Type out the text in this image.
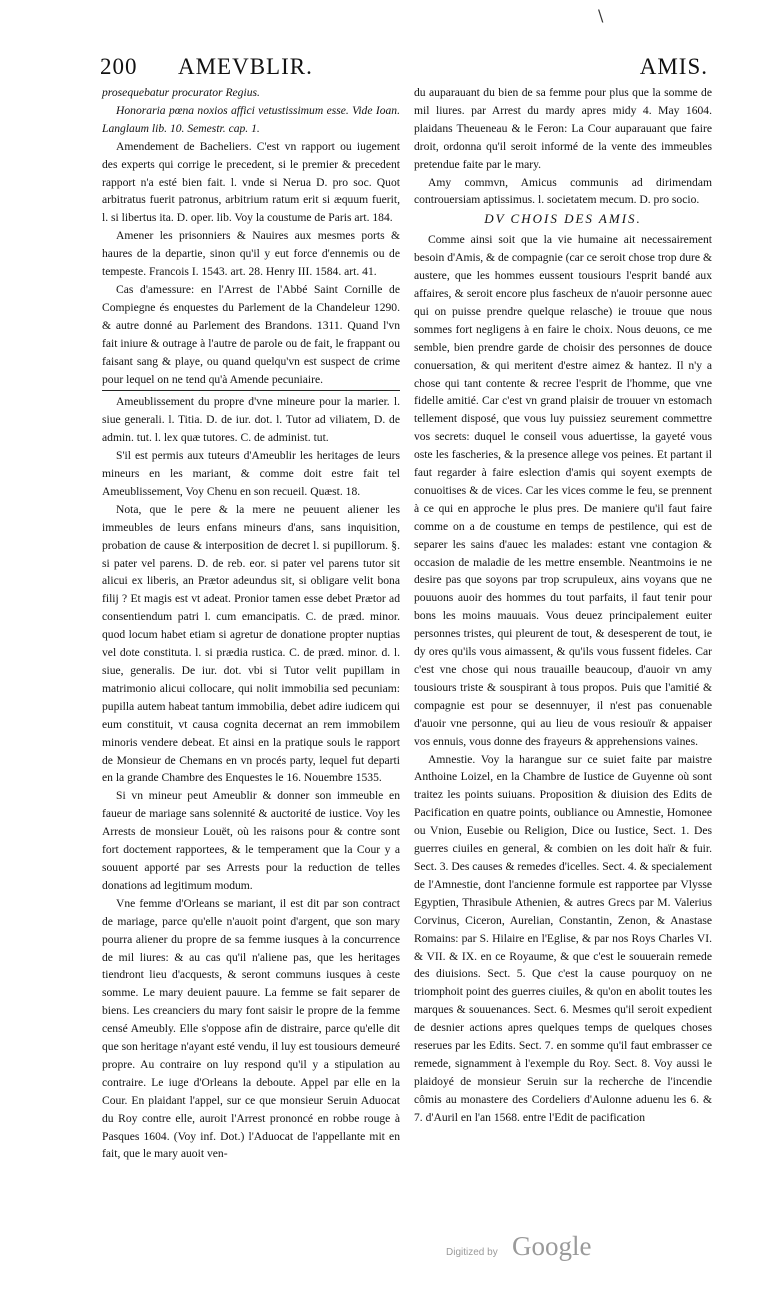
\
200 AMEVBLIR.	AMIS.

prosequebatur procurator Regius.

Honoraria pœna noxios affici vetustissimum esse. Vide Ioan. Langlaum lib. 10. Semestr. cap. 1.

Amendement de Bacheliers. C'est vn rapport ou iugement des experts qui corrige le precedent, si le premier & precedent rapport n'a esté bien fait. l. vnde si Nerua D. pro soc. Quot arbitratus fuerit patronus, arbitrium ratum erit si æquum fuerit, l. si libertus ita. D. oper. lib. Voy la coustume de Paris art. 184.

Amener les prisonniers & Nauires aux mesmes ports & haures de la departie, sinon qu'il y eut force d'ennemis ou de tempeste. Francois I. 1543. art. 28. Henry III. 1584. art. 41.

Cas d'amessure: en l'Arrest de l'Abbé Saint Cornille de Compiegne és enquestes du Parlement de la Chandeleur 1290. & autre donné au Parlement des Brandons. 1311. Quand l'vn fait iniure & outrage à l'autre de parole ou de fait, le frappant ou faisant sang & playe, ou quand quelqu'vn est suspect de crime pour lequel on ne tend qu'à Amende pecuniaire.

Ameublissement du propre d'vne mineure pour la marier. l. siue generali. l. Titia. D. de iur. dot. l. Tutor ad viliatem, D. de admin. tut. l. lex quæ tutores. C. de administ. tut.

S'il est permis aux tuteurs d'Ameublir les heritages de leurs mineurs en les mariant, & comme doit estre fait tel Ameublissement, Voy Chenu en son recueil. Quæst. 18.

Nota, que le pere & la mere ne peuuent aliener les immeubles de leurs enfans mineurs d'ans, sans inquisition, probation de cause & interposition de decret l. si pupillorum. §. si pater vel parens. D. de reb. eor. si pater vel parens tutor sit alicui ex liberis, an Prætor adeundus sit, si obligare velit bona filij ? Et magis est vt adeat. Pronior tamen esse debet Prætor ad consentiendum patri l. cum emancipatis. C. de præd. minor. quod locum habet etiam si agretur de donatione propter nuptias vel dote constituta. l. si prædia rustica. C. de præd. minor. d. l. siue, generalis. De iur. dot. vbi si Tutor velit pupillam in matrimonio alicui collocare, qui nolit immobilia sed pecuniam: pupilla autem habeat tantum immobilia, debet adire iudicem qui eum constituit, vt causa cognita decernat an rem immobilem minoris vendere debeat. Et ainsi en la pratique souls le rapport de Monsieur de Chemans en vn procés party, lequel fut departi en la grande Chambre des Enquestes le 16. Nouembre 1535.

Si vn mineur peut Ameublir & donner son immeuble en faueur de mariage sans solennité & auctorité de iustice. Voy les Arrests de monsieur Louët, où les raisons pour & contre sont fort doctement rapportees, & le temperament que la Cour y a souuent apporté par ses Arrests pour la reduction de telles donations ad legitimum modum.

Vne femme d'Orleans se mariant, il est dit par son contract de mariage, parce qu'elle n'auoit point d'argent, que son mary pourra aliener du propre de sa femme iusques à la concurrence de mil liures: & au cas qu'il n'aliene pas, que les heritages tiendront lieu d'acquests, & seront communs iusques à ceste somme. Le mary deuient pauure. La femme se fait separer de biens. Les creanciers du mary font saisir le propre de la femme censé Ameubly. Elle s'oppose afin de distraire, parce qu'elle dit que son heritage n'ayant esté vendu, il luy est tousiours demeuré propre. Au contraire on luy respond qu'il y a stipulation au contraire. Le iuge d'Orleans la deboute. Appel par elle en la Cour. En plaidant l'appel, sur ce que monsieur Seruin Aduocat du Roy contre elle, auroit l'Arrest prononcé en robbe rouge à Pasques 1604. (Voy inf. Dot.) l'Aduocat de l'appellante mit en fait, que le mary auoit ven-

du auparauant du bien de sa femme pour plus que la somme de mil liures. par Arrest du mardy apres midy 4. May 1604. plaidans Theueneau & le Feron: La Cour auparauant que faire droit, ordonna qu'il seroit informé de la vente des immeubles pretendue faite par le mary.

Amy commvn, Amicus communis ad dirimendam controuersiam aptissimus. l. societatem mecum. D. pro socio.

DV CHOIS DES AMIS.

Comme ainsi soit que la vie humaine ait necessairement besoin d'Amis, & de compagnie (car ce seroit chose trop dure & austere, que les hommes eussent tousiours l'esprit bandé aux affaires, & seroit encore plus fascheux de n'auoir personne auec qui on puisse prendre quelque relasche) ie trouue que nous sommes fort negligens à en faire le choix. Nous deuons, ce me semble, bien prendre garde de choisir des personnes de douce conuersation, & qui meritent d'estre aimez & hantez. Il n'y a chose qui tant contente & recree l'esprit de l'homme, que vne fidelle amitié. Car c'est vn grand plaisir de trouuer vn estomach tellement disposé, que vous luy puissiez seurement commettre vos secrets: duquel le conseil vous aduertisse, la gayeté vous oste les fascheries, & la presence allege vos peines. Et partant il faut regarder à faire eslection d'amis qui soyent exempts de conuoitises & de vices. Car les vices comme le feu, se prennent à ce qui en approche le plus pres. De maniere qu'il faut faire comme on a de coustume en temps de pestilence, qui est de separer les sains d'auec les malades: estant vne contagion & occasion de maladie de les mettre ensemble. Neantmoins ie ne desire pas que soyons par trop scrupuleux, ains voyans que ne pouuons auoir des hommes du tout parfaits, il faut tenir pour bons les moins mauuais. Vous deuez principalement euiter personnes tristes, qui pleurent de tout, & desesperent de tout, ie dy ores qu'ils vous aimassent, & qu'ils vous fussent fideles. Car c'est vne chose qui nous trauaille beaucoup, d'auoir vn amy tousiours triste & souspirant à tous propos. Puis que l'amitié & compagnie est pour se desennuyer, il n'est pas conuenable d'auoir vne personne, qui au lieu de vous resiouïr & appaiser vos ennuis, vous donne des frayeurs & apprehensions vaines.

Amnestie. Voy la harangue sur ce suiet faite par maistre Anthoine Loizel, en la Chambre de Iustice de Guyenne où sont traitez les points suiuans. Proposition & diuision des Edits de Pacification en quatre points, oubliance ou Amnestie, Homonee ou Vnion, Eusebie ou Religion, Dice ou Iustice, Sect. 1. Des guerres ciuiles en general, & combien on les doit haïr & fuir. Sect. 3. Des causes & remedes d'icelles. Sect. 4. & specialement de l'Amnestie, dont l'ancienne formule est rapportee par Vlysse Egyptien, Thrasibule Athenien, & autres Grecs par M. Valerius Corvinus, Ciceron, Aurelian, Constantin, Zenon, & Anastase Romains: par S. Hilaire en l'Eglise, & par nos Roys Charles VI. & VII. & IX. en ce Royaume, & que c'est le souuerain remede des diuisions. Sect. 5. Que c'est la cause pourquoy on ne triomphoit point des guerres ciuiles, & qu'on en abolit toutes les marques & souuenances. Sect. 6. Mesmes qu'il seroit expedient de desnier actions apres quelques temps de quelques choses reserues par les Edits. Sect. 7. en somme qu'il faut embrasser ce remede, signamment à l'exemple du Roy. Sect. 8. Voy aussi le plaidoyé de monsieur Seruin sur la recherche de l'incendie cômis au monastere des Cordeliers d'Aulonne aduenu les 6. & 7. d'Auril en l'an 1568. entre l'Edit de pacification

Digitized by Google
